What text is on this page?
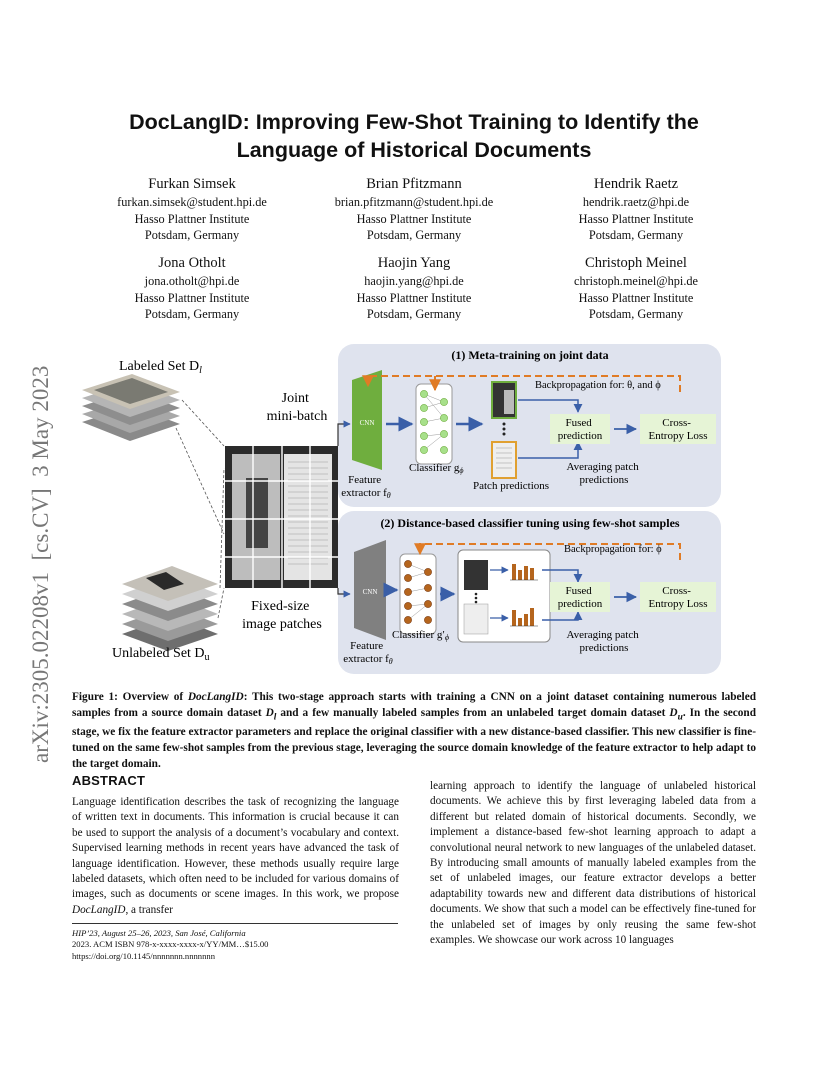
arXiv:2305.02208v1  [cs.CV]  3 May 2023
DocLangID: Improving Few-Shot Training to Identify the
Language of Historical Documents
Furkan Simsek
furkan.simsek@student.hpi.de
Hasso Plattner Institute
Potsdam, Germany
Brian Pfitzmann
brian.pfitzmann@student.hpi.de
Hasso Plattner Institute
Potsdam, Germany
Hendrik Raetz
hendrik.raetz@hpi.de
Hasso Plattner Institute
Potsdam, Germany
Jona Otholt
jona.otholt@hpi.de
Hasso Plattner Institute
Potsdam, Germany
Haojin Yang
haojin.yang@hpi.de
Hasso Plattner Institute
Potsdam, Germany
Christoph Meinel
christoph.meinel@hpi.de
Hasso Plattner Institute
Potsdam, Germany
(1) Meta-training on joint data
(2) Distance-based classifier tuning using few-shot samples
Labeled Set $D_l$
Unlabeled Set $D_u$
Joint mini-batch
Fixed-size image patches
CNN
Feature extractor fθ
Classifier gϕ
Patch predictions
Backpropagation for: θ, and ϕ
Fused prediction
Cross- Entropy Loss
Averaging patch predictions
CNN
Feature extractor fθ
Classifier g′ϕ
Backpropagation for: ϕ
Fused prediction
Cross- Entropy Loss
Averaging patch predictions
Figure 1: Overview of DocLangID: This two-stage approach starts with training a CNN on a joint dataset containing numerous labeled samples from a source domain dataset $D_l$ and a few manually labeled samples from an unlabeled target domain dataset $D_u$. In the second stage, we fix the feature extractor parameters and replace the original classifier with a new distance-based classifier. This new classifier is fine-tuned on the same few-shot samples from the previous stage, leveraging the source domain knowledge of the feature extractor to help adapt to the target domain.
ABSTRACT
Language identification describes the task of recognizing the language of written text in documents. This information is crucial because it can be used to support the analysis of a document’s vocabulary and context. Supervised learning methods in recent years have advanced the task of language identification. However, these methods usually require large labeled datasets, which often need to be included for various domains of images, such as documents or scene images. In this work, we propose DocLangID, a transfer
learning approach to identify the language of unlabeled historical documents. We achieve this by first leveraging labeled data from a different but related domain of historical documents. Secondly, we implement a distance-based few-shot learning approach to adapt a convolutional neural network to new languages of the unlabeled dataset. By introducing small amounts of manually labeled examples from the set of unlabeled images, our feature extractor develops a better adaptability towards new and different data distributions of historical documents. We show that such a model can be effectively fine-tuned for the unlabeled set of images by only reusing the same few-shot examples. We showcase our work across 10 languages
HIP’23, August 25–26, 2023, San José, California
2023. ACM ISBN 978-x-xxxx-xxxx-x/YY/MM…$15.00
https://doi.org/10.1145/nnnnnnn.nnnnnnn
